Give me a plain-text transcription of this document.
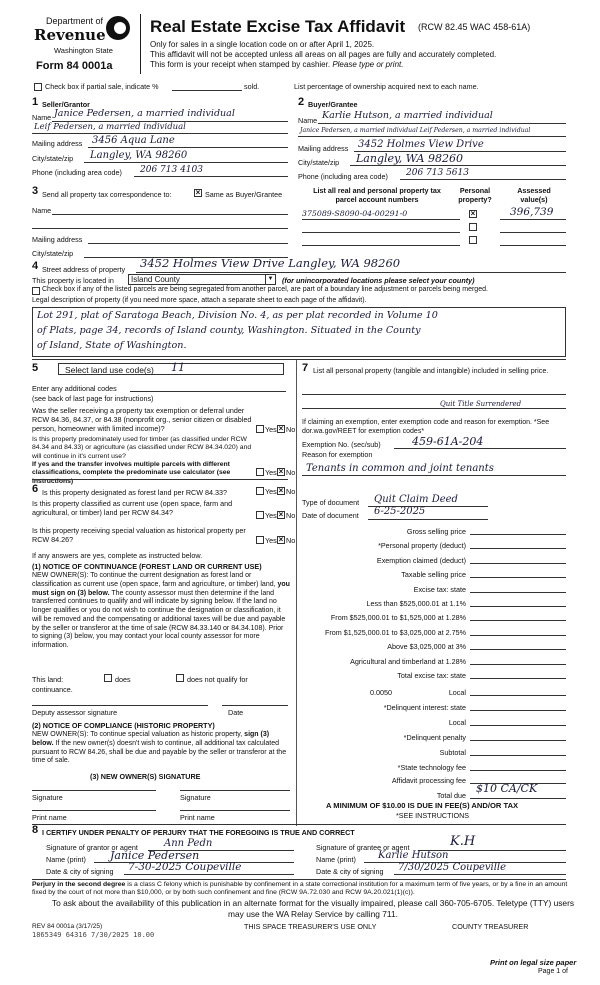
Department of
Revenue
Washington State
Form 84 0001a
Real Estate Excise Tax Affidavit (RCW 82.45 WAC 458-61A)
Only for sales in a single location code on or after April 1, 2025.
This affidavit will not be accepted unless all areas on all pages are fully and accurately completed.
This form is your receipt when stamped by cashier. Please type or print.
Check box if partial sale, indicate %	sold.	List percentage of ownership acquired next to each name.
1 Seller/Grantor
Name Janice Pedersen, a married individual
Leif Pedersen, a married individual
Mailing address 3456 Aqua Lane
City/state/zip Langley, WA 98260
Phone (including area code) 206 713 4103
2 Buyer/Grantee
Name Karlie Hutson, a married individual
Janice Pedersen, a married individual Leif Pedersen, a married individual
Mailing address 3452 Holmes View Drive
City/state/zip Langley, WA 98260
Phone (including area code) 206 713 5613
3 Send all property tax correspondence to:	× Same as Buyer/Grantee
Name
Mailing address
City/state/zip
List all real and personal property tax parcel account numbers
Personal property?
Assessed value(s)
375089-S8090-04-00291-0	×	396,739
4 Street address of property 3452 Holmes View Drive Langley, WA 98260
This property is located in Island County	▼ (for unincorporated locations please select your county)
Check box if any of the listed parcels are being segregated from another parcel, are part of a boundary line adjustment or parcels being merged.
Legal description of property (if you need more space, attach a separate sheet to each page of the affidavit).
Lot 291, plat of Saratoga Beach, Division No. 4, as per plat recorded in Volume 10
of Plats, page 34, records of Island county, Washington. Situated in the County
of Island, State of Washington.
5	Select land use code(s) 11
Enter any additional codes
(see back of last page for instructions)
Was the seller receiving a property tax exemption or deferral under RCW 84.36, 84.37, or 84.38 (nonprofit org., senior citizen or disabled person, homeowner with limited income)?	Yes × No
Is this property predominately used for timber (as classified under RCW 84.34 and 84.33) or agriculture (as classified under RCW 84.34.020) and will continue in it's current use?
If yes and the transfer involves multiple parcels with different classifications, complete the predominate use calculator (see instructions)
Yes × No
6 Is this property designated as forest land per RCW 84.33?	Yes × No
Is this property classified as current use (open space, farm and agricultural, or timber) land per RCW 84.34?	Yes × No
Is this property receiving special valuation as historical property per RCW 84.26?	Yes × No
If any answers are yes, complete as instructed below.
(1) NOTICE OF CONTINUANCE (FOREST LAND OR CURRENT USE)
NEW OWNER(S): To continue the current designation as forest land or classification as current use (open space, farm and agriculture, or timber) land, you must sign on (3) below. The county assessor must then determine if the land transferred continues to qualify and will indicate by signing below. If the land no longer qualifies or you do not wish to continue the designation or classification, it will be removed and the compensating or additional taxes will be due and payable by the seller or transferor at the time of sale (RCW 84.33.140 or 84.34.108). Prior to signing (3) below, you may contact your local county assessor for more information.
This land:	does	does not qualify for
continuance.
Deputy assessor signature	Date
(2) NOTICE OF COMPLIANCE (HISTORIC PROPERTY)
NEW OWNER(S): To continue special valuation as historic property, sign (3) below. If the new owner(s) doesn't wish to continue, all additional tax calculated pursuant to RCW 84.26, shall be due and payable by the seller or transferor at the time of sale.
(3) NEW OWNER(S) SIGNATURE
Signature	Signature
Print name	Print name
7 List all personal property (tangible and intangible) included in selling price.
Quit Title Surrendered
If claiming an exemption, enter exemption code and reason for exemption. *See dor.wa.gov/REET for exemption codes*
Exemption No. (sec/sub)	459-61A-204
Reason for exemption
Tenants in common and joint tenants
Type of document Quit Claim Deed
Date of document 6-25-2025
Gross selling price
*Personal property (deduct)
Exemption claimed (deduct)
Taxable selling price
Excise tax: state
Less than $525,000.01 at 1.1%
From $525,000.01 to $1,525,000 at 1.28%
From $1,525,000.01 to $3,025,000 at 2.75%
Above $3,025,000 at 3%
Agricultural and timberland at 1.28%
Total excise tax: state
0.0050	Local
*Delinquent interest: state
Local
*Delinquent penalty
Subtotal
*State technology fee
Affidavit processing fee
Total due
$10 CA/CK
A MINIMUM OF $10.00 IS DUE IN FEE(S) AND/OR TAX
*SEE INSTRUCTIONS
8 I CERTIFY UNDER PENALTY OF PERJURY THAT THE FOREGOING IS TRUE AND CORRECT
Signature of grantor or agent	Ann Pedn
Name (print) Janice Pedersen
Date & city of signing 7-30-2025 Coupeville
Signature of grantee or agent	K.H
Name (print) Karlie Hutson
Date & city of signing 7/30/2025 Coupeville
Perjury in the second degree is a class C felony which is punishable by confinement in a state correctional institution for a maximum term of five years, or by a fine in an amount fixed by the court of not more than $10,000, or by both such confinement and fine (RCW 9A.72.030 and RCW 9A.20.021(1)(c)).
To ask about the availability of this publication in an alternate format for the visually impaired, please call 360-705-6705. Teletype (TTY) users may use the WA Relay Service by calling 711.
REV 84 0001a (3/17/25)
1865349 64316 7/30/2025 10.00
THIS SPACE TREASURER'S USE ONLY	COUNTY TREASURER
Print on legal size paper
Page 1 of
